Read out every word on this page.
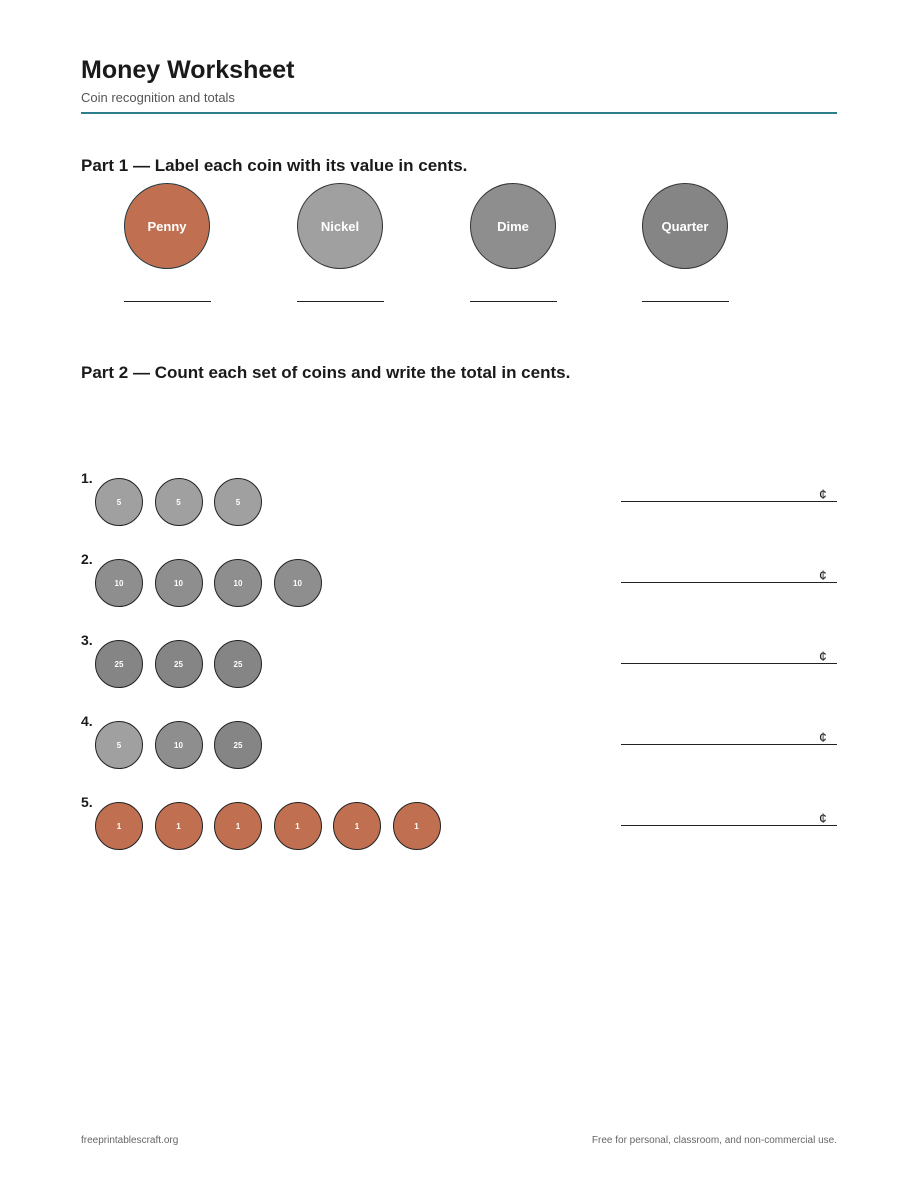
Money Worksheet
Coin recognition and totals
Part 1 — Label each coin with its value in cents.
Penny	Nickel	Dime	Quarter
Part 2 — Count each set of coins and write the total in cents.
1.
5	5	5	¢
2.
10	10	10	10	¢
3.
25	25	25	¢
4.
5	10	25	¢
5.
1	1	1	1	1	1	¢
freeprintablescraft.org	Free for personal, classroom, and non-commercial use.
